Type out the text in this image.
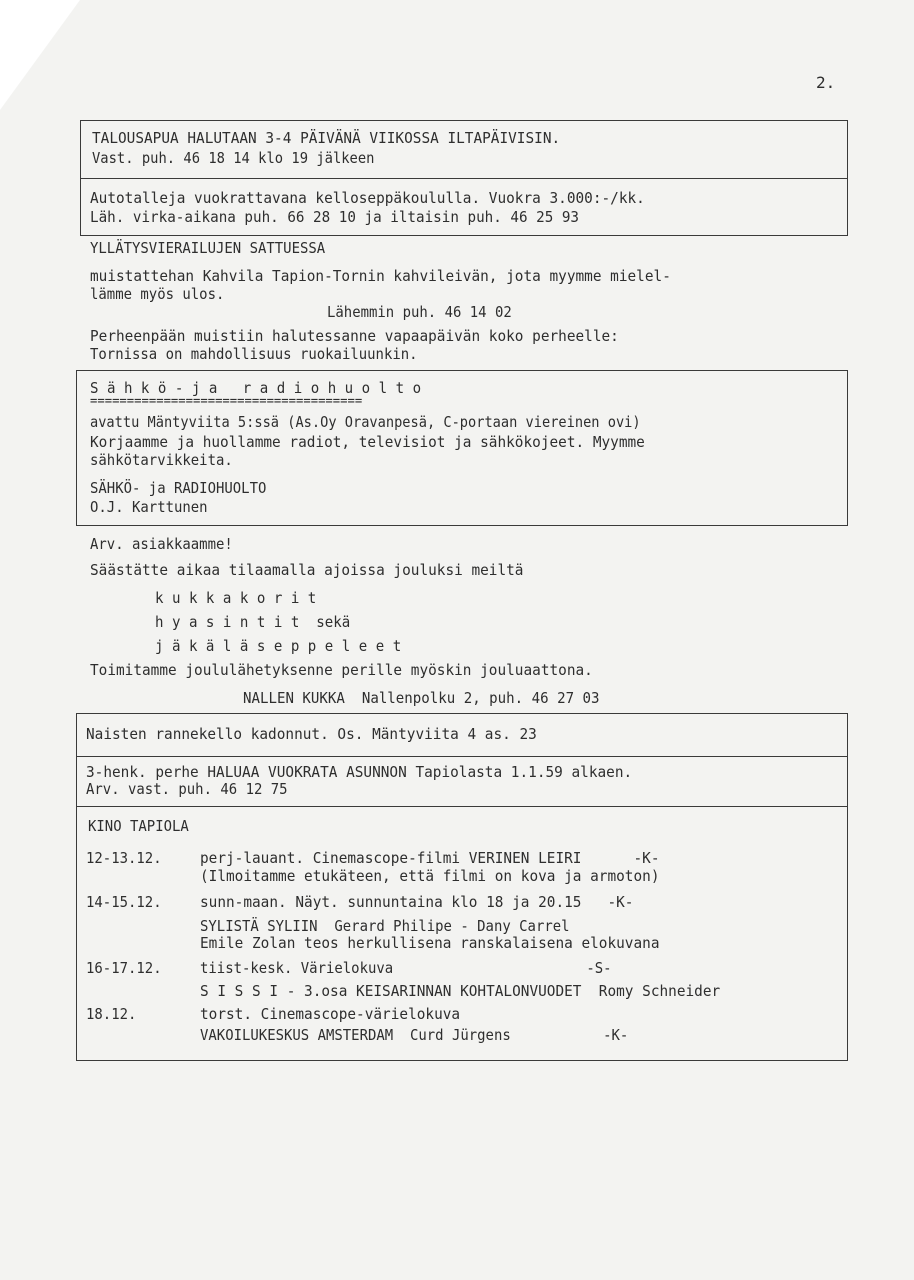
2.
TALOUSAPUA HALUTAAN 3-4 PÄIVÄNÄ VIIKOSSA ILTAPÄIVISIN.
Vast. puh. 46 18 14 klo 19 jälkeen
Autotalleja vuokrattavana kelloseppäkoululla. Vuokra 3.000:-/kk.
Läh. virka-aikana puh. 66 28 10 ja iltaisin puh. 46 25 93
YLLÄTYSVIERAILUJEN SATTUESSA
muistattehan Kahvila Tapion-Tornin kahvileivän, jota myymme mielel-
lämme myös ulos.
Lähemmin puh. 46 14 02
Perheenpään muistiin halutessanne vapaapäivän koko perheelle:
Tornissa on mahdollisuus ruokailuunkin.
S ä h k ö - j a   r a d i o h u o l t o
=====================================
avattu Mäntyviita 5:ssä (As.Oy Oravanpesä, C-portaan viereinen ovi)
Korjaamme ja huollamme radiot, televisiot ja sähkökojeet. Myymme
sähkötarvikkeita.
SÄHKÖ- ja RADIOHUOLTO
O.J. Karttunen
Arv. asiakkaamme!
Säästätte aikaa tilaamalla ajoissa jouluksi meiltä
k u k k a k o r i t
h y a s i n t i t  sekä
j ä k ä l ä s e p p e l e e t
Toimitamme joululähetyksenne perille myöskin jouluaattona.
NALLEN KUKKA  Nallenpolku 2, puh. 46 27 03
Naisten rannekello kadonnut. Os. Mäntyviita 4 as. 23
3-henk. perhe HALUAA VUOKRATA ASUNNON Tapiolasta 1.1.59 alkaen.
Arv. vast. puh. 46 12 75
KINO TAPIOLA
12-13.12.	perj-lauant. Cinemascope-filmi VERINEN LEIRI      -K-
(Ilmoitamme etukäteen, että filmi on kova ja armoton)
14-15.12.	sunn-maan. Näyt. sunnuntaina klo 18 ja 20.15   -K-
SYLISTÄ SYLIIN  Gerard Philipe - Dany Carrel
Emile Zolan teos herkullisena ranskalaisena elokuvana
16-17.12.	tiist-kesk. Värielokuva                       -S-
S I S S I - 3.osa KEISARINNAN KOHTALONVUODET  Romy Schneider
18.12.	torst. Cinemascope-värielokuva
VAKOILUKESKUS AMSTERDAM  Curd Jürgens           -K-
